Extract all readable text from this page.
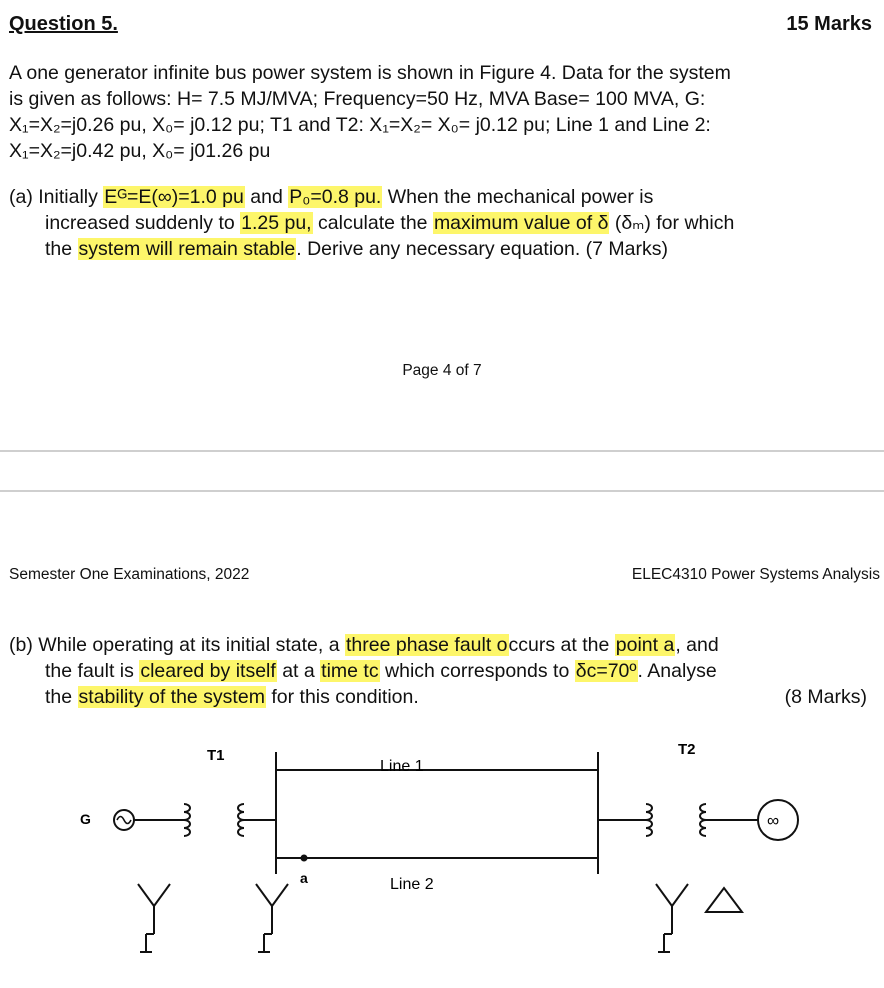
Question 5.	15 Marks
A one generator infinite bus power system is shown in Figure 4. Data for the system
is given as follows: H= 7.5 MJ/MVA; Frequency=50 Hz, MVA Base= 100 MVA, G:
X₁=X₂=j0.26 pu, X₀= j0.12 pu; T1 and T2: X₁=X₂= X₀= j0.12 pu; Line 1 and Line 2:
X₁=X₂=j0.42 pu, X₀= j01.26 pu
(a) Initially Eᴳ=E(∞)=1.0 pu and P₀=0.8 pu. When the mechanical power is
increased suddenly to 1.25 pu, calculate the maximum value of δ (δₘ) for which
the system will remain stable. Derive any necessary equation. (7 Marks)
Page 4 of 7
Semester One Examinations, 2022	ELEC4310 Power Systems Analysis
(b) While operating at its initial state, a three phase fault occurs at the point a, and
the fault is cleared by itself at a time tᴄ which corresponds to δᴄ=70º. Analyse
the stability of the system for this condition.	(8 Marks)
T1	T2
G
Line 1
Line 2
a
∞
